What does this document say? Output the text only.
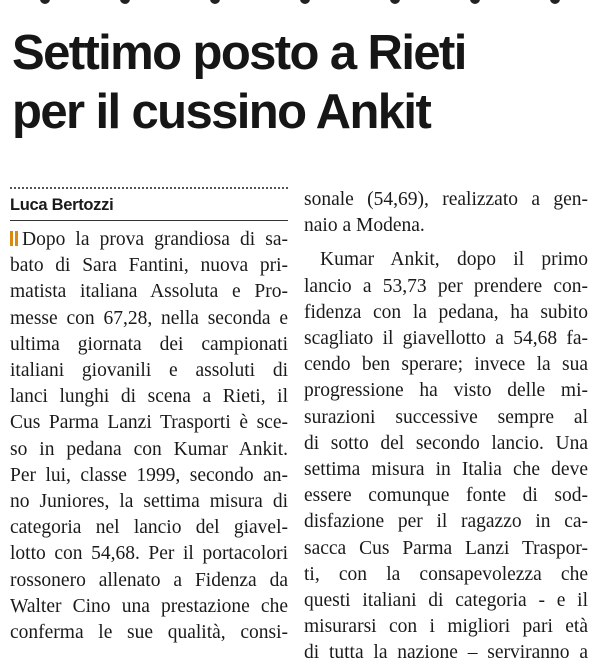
Settimo posto a Rieti
per il cussino Ankit
Luca Bertozzi
Dopo la prova grandiosa di sa-
bato di Sara Fantini, nuova pri-
matista italiana Assoluta e Pro-
messe con 67,28, nella seconda e
ultima giornata dei campionati
italiani giovanili e assoluti di
lanci lunghi di scena a Rieti, il
Cus Parma Lanzi Trasporti è sce-
so in pedana con Kumar Ankit.
Per lui, classe 1999, secondo an-
no Juniores, la settima misura di
categoria nel lancio del giavel-
lotto con 54,68. Per il portacolori
rossonero allenato a Fidenza da
Walter Cino una prestazione che
conferma le sue qualità, consi-
sonale (54,69), realizzato a gen-
naio a Modena.
Kumar Ankit, dopo il primo
lancio a 53,73 per prendere con-
fidenza con la pedana, ha subito
scagliato il giavellotto a 54,68 fa-
cendo ben sperare; invece la sua
progressione ha visto delle mi-
surazioni successive sempre al
di sotto del secondo lancio. Una
settima misura in Italia che deve
essere comunque fonte di sod-
disfazione per il ragazzo in ca-
sacca Cus Parma Lanzi Traspor-
ti, con la consapevolezza che
questi italiani di categoria - e il
misurarsi con i migliori pari età
di tutta la nazione – serviranno a
